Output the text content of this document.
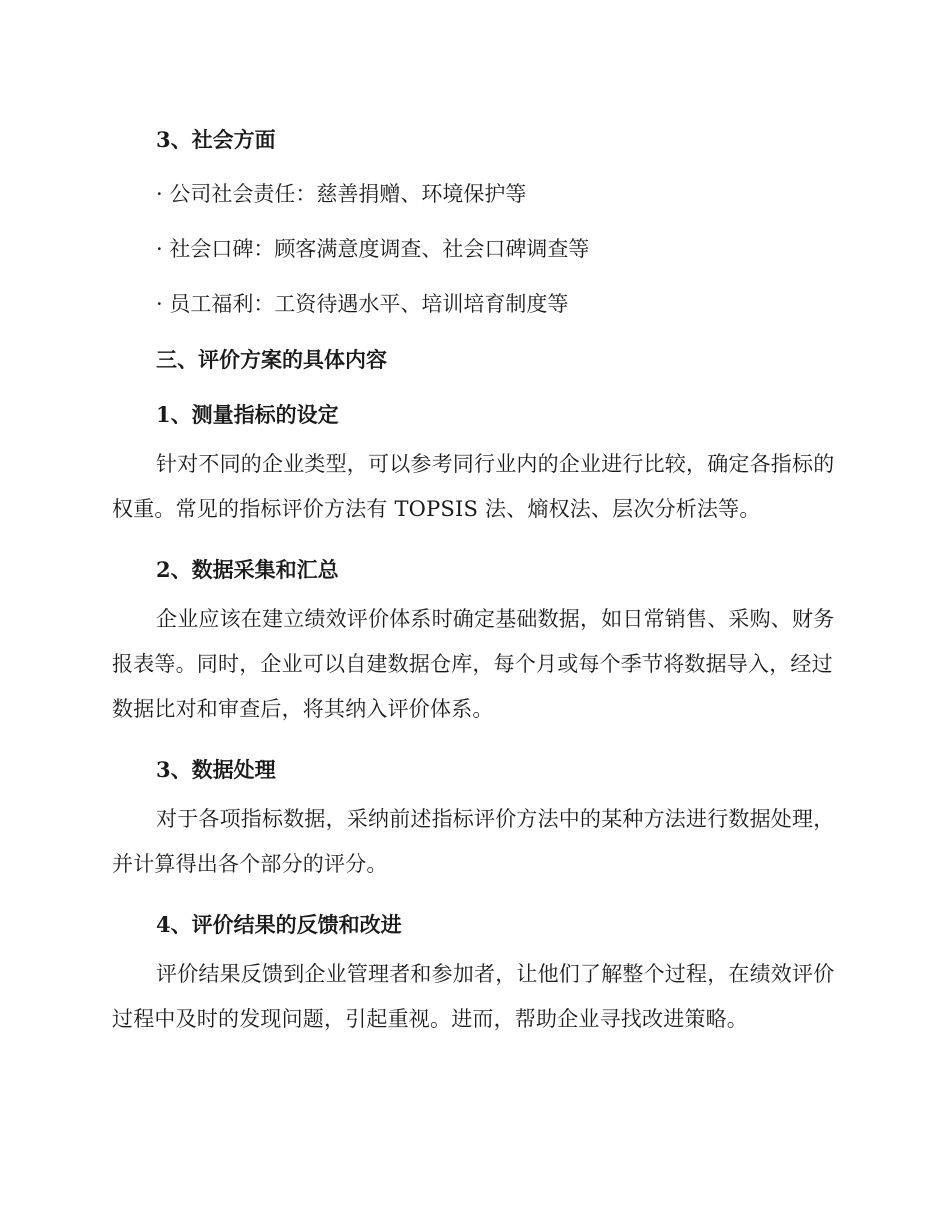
3、社会方面
· 公司社会责任：慈善捐赠、环境保护等
· 社会口碑：顾客满意度调查、社会口碑调查等
· 员工福利：工资待遇水平、培训培育制度等
三、评价方案的具体内容
1、测量指标的设定
针对不同的企业类型，可以参考同行业内的企业进行比较，确定各指标的权重。常见的指标评价方法有 TOPSIS 法、熵权法、层次分析法等。
2、数据采集和汇总
企业应该在建立绩效评价体系时确定基础数据，如日常销售、采购、财务报表等。同时，企业可以自建数据仓库，每个月或每个季节将数据导入，经过数据比对和审查后，将其纳入评价体系。
3、数据处理
对于各项指标数据，采纳前述指标评价方法中的某种方法进行数据处理，并计算得出各个部分的评分。
4、评价结果的反馈和改进
评价结果反馈到企业管理者和参加者，让他们了解整个过程，在绩效评价过程中及时的发现问题，引起重视。进而，帮助企业寻找改进策略。
